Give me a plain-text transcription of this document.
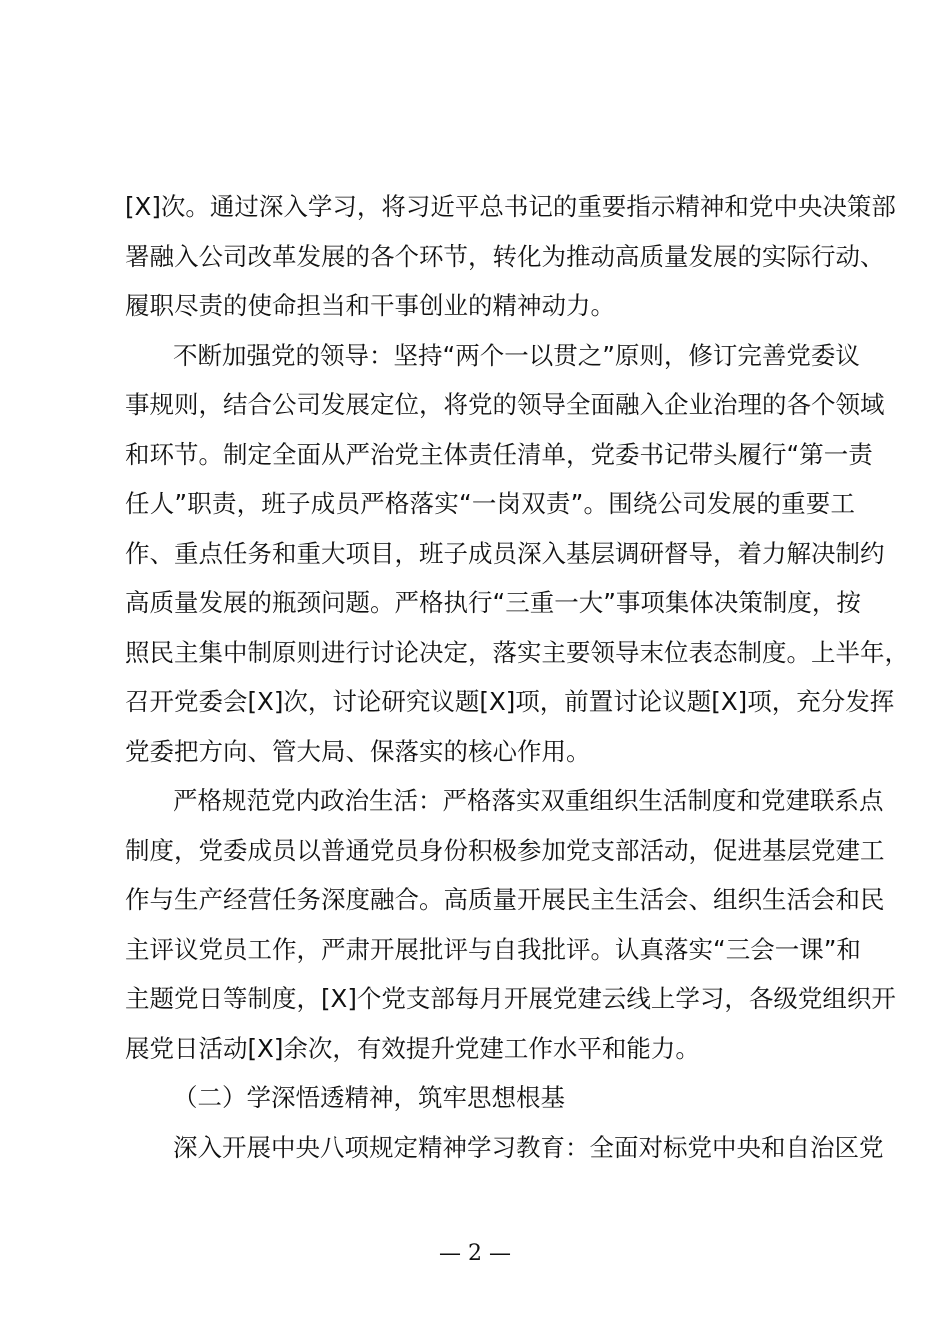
[X]次。通过深入学习，将习近平总书记的重要指示精神和党中央决策部
署融入公司改革发展的各个环节，转化为推动高质量发展的实际行动、
履职尽责的使命担当和干事创业的精神动力。
不断加强党的领导：坚持“两个一以贯之”原则，修订完善党委议
事规则，结合公司发展定位，将党的领导全面融入企业治理的各个领域
和环节。制定全面从严治党主体责任清单，党委书记带头履行“第一责
任人”职责，班子成员严格落实“一岗双责”。围绕公司发展的重要工
作、重点任务和重大项目，班子成员深入基层调研督导，着力解决制约
高质量发展的瓶颈问题。严格执行“三重一大”事项集体决策制度，按
照民主集中制原则进行讨论决定，落实主要领导末位表态制度。上半年，
召开党委会[X]次，讨论研究议题[X]项，前置讨论议题[X]项，充分发挥
党委把方向、管大局、保落实的核心作用。
严格规范党内政治生活：严格落实双重组织生活制度和党建联系点
制度，党委成员以普通党员身份积极参加党支部活动，促进基层党建工
作与生产经营任务深度融合。高质量开展民主生活会、组织生活会和民
主评议党员工作，严肃开展批评与自我批评。认真落实“三会一课”和
主题党日等制度，[X]个党支部每月开展党建云线上学习，各级党组织开
展党日活动[X]余次，有效提升党建工作水平和能力。
（二）学深悟透精神，筑牢思想根基
深入开展中央八项规定精神学习教育：全面对标党中央和自治区党
— 2 —
